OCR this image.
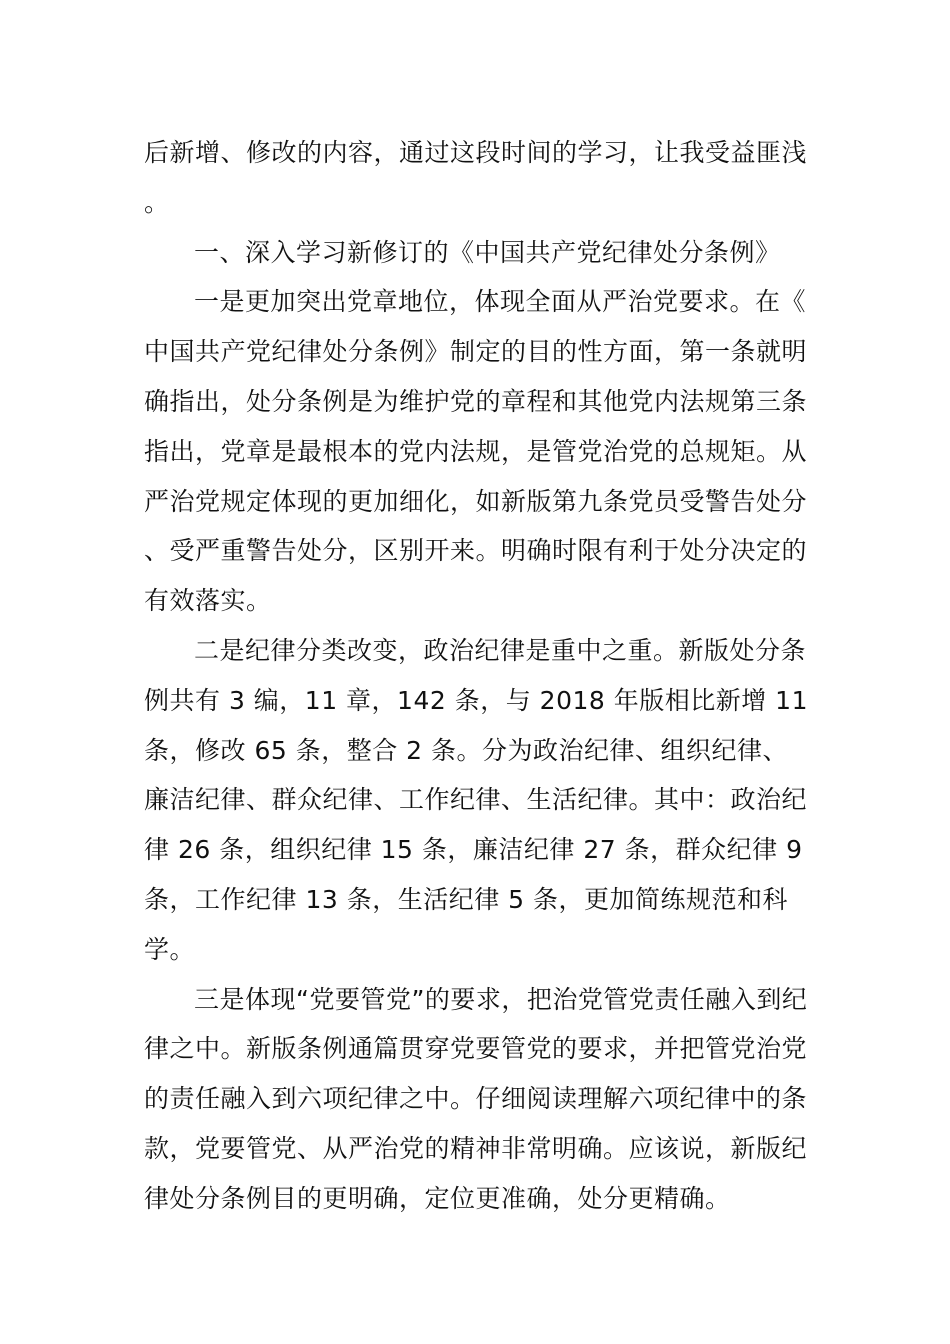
后新增、修改的内容，通过这段时间的学习，让我受益匪浅。

一、深入学习新修订的《中国共产党纪律处分条例》

一是更加突出党章地位，体现全面从严治党要求。在《中国共产党纪律处分条例》制定的目的性方面，第一条就明确指出，处分条例是为维护党的章程和其他党内法规第三条指出，党章是最根本的党内法规，是管党治党的总规矩。从严治党规定体现的更加细化，如新版第九条党员受警告处分、受严重警告处分，区别开来。明确时限有利于处分决定的有效落实。

二是纪律分类改变，政治纪律是重中之重。新版处分条例共有 3 编，11 章，142 条，与 2018 年版相比新增 11 条，修改 65 条，整合 2 条。分为政治纪律、组织纪律、廉洁纪律、群众纪律、工作纪律、生活纪律。其中：政治纪律 26 条，组织纪律 15 条，廉洁纪律 27 条，群众纪律 9 条，工作纪律 13 条，生活纪律 5 条，更加简练规范和科学。

三是体现“党要管党”的要求，把治党管党责任融入到纪律之中。新版条例通篇贯穿党要管党的要求，并把管党治党的责任融入到六项纪律之中。仔细阅读理解六项纪律中的条款，党要管党、从严治党的精神非常明确。应该说，新版纪律处分条例目的更明确，定位更准确，处分更精确。
